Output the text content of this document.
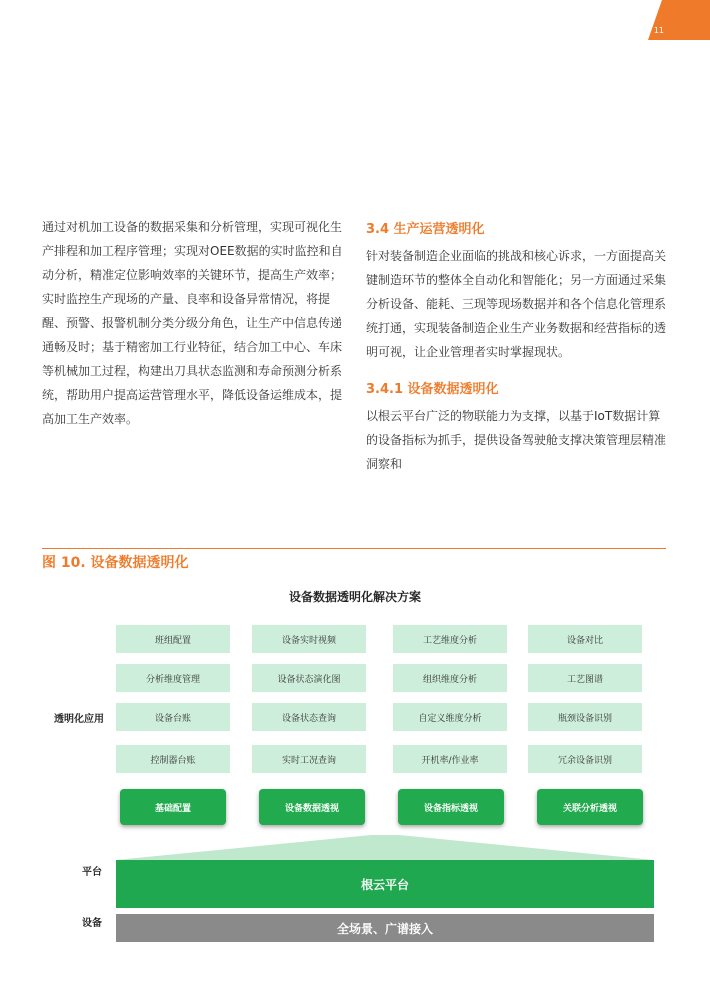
11

通过对机加工设备的数据采集和分析管理，实现可视化生产排程和加工程序管理；实现对OEE数据的实时监控和自动分析，精准定位影响效率的关键环节，提高生产效率；实时监控生产现场的产量、良率和设备异常情况，将提醒、预警、报警机制分类分级分角色，让生产中信息传递通畅及时；基于精密加工行业特征，结合加工中心、车床等机械加工过程，构建出刀具状态监测和寿命预测分析系统，帮助用户提高运营管理水平，降低设备运维成本，提高加工生产效率。

3.4 生产运营透明化

针对装备制造企业面临的挑战和核心诉求，一方面提高关键制造环节的整体全自动化和智能化；另一方面通过采集分析设备、能耗、三现等现场数据并和各个信息化管理系统打通，实现装备制造企业生产业务数据和经营指标的透明可视，让企业管理者实时掌握现状。

3.4.1 设备数据透明化

以根云平台广泛的物联能力为支撑，以基于IoT数据计算的设备指标为抓手，提供设备驾驶舱支撑决策管理层精准洞察和

图 10. 设备数据透明化
设备数据透明化解决方案
透明化应用
平台
设备
班组配置	设备实时视频	工艺维度分析	设备对比
分析维度管理	设备状态演化图	组织维度分析	工艺图谱
设备台账	设备状态查询	自定义维度分析	瓶颈设备识别
控制器台账	实时工况查询	开机率/作业率	冗余设备识别
基础配置	设备数据透视	设备指标透视	关联分析透视
根云平台
全场景、广谱接入
